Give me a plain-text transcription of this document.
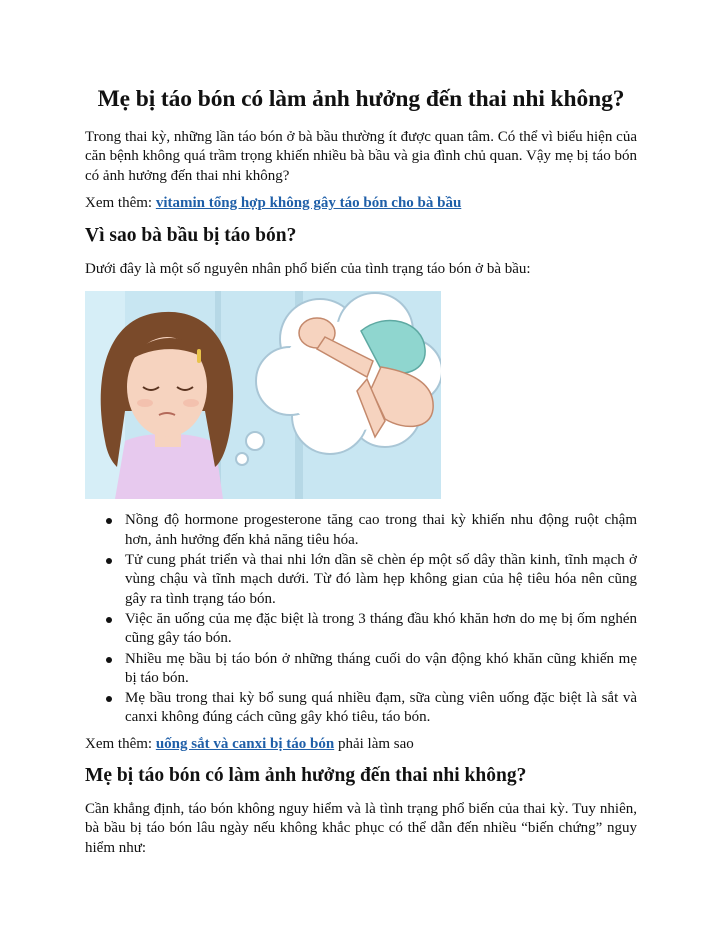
Mẹ bị táo bón có làm ảnh hưởng đến thai nhi không?

Trong thai kỳ, những lần táo bón ở bà bầu thường ít được quan tâm. Có thể vì biểu hiện của căn bệnh không quá trầm trọng khiến nhiều bà bầu và gia đình chủ quan. Vậy mẹ bị táo bón có ảnh hưởng đến thai nhi không?

Xem thêm: vitamin tổng hợp không gây táo bón cho bà bầu

Vì sao bà bầu bị táo bón?

Dưới đây là một số nguyên nhân phổ biến của tình trạng táo bón ở bà bầu:

Nồng độ hormone progesterone tăng cao trong thai kỳ khiến nhu động ruột chậm hơn, ảnh hưởng đến khả năng tiêu hóa.
Tử cung phát triển và thai nhi lớn dần sẽ chèn ép một số dây thần kinh, tĩnh mạch ở vùng chậu và tĩnh mạch dưới. Từ đó làm hẹp không gian của hệ tiêu hóa nên cũng gây ra tình trạng táo bón.
Việc ăn uống của mẹ đặc biệt là trong 3 tháng đầu khó khăn hơn do mẹ bị ốm nghén cũng gây táo bón.
Nhiều mẹ bầu bị táo bón ở những tháng cuối do vận động khó khăn cũng khiến mẹ bị táo bón.
Mẹ bầu trong thai kỳ bổ sung quá nhiều đạm, sữa cùng viên uống đặc biệt là sắt và canxi không đúng cách cũng gây khó tiêu, táo bón.

Xem thêm: uống sắt và canxi bị táo bón phải làm sao

Mẹ bị táo bón có làm ảnh hưởng đến thai nhi không?

Cần khẳng định, táo bón không nguy hiểm và là tình trạng phổ biến của thai kỳ. Tuy nhiên, bà bầu bị táo bón lâu ngày nếu không khắc phục có thể dẫn đến nhiều “biến chứng” nguy hiểm như:
